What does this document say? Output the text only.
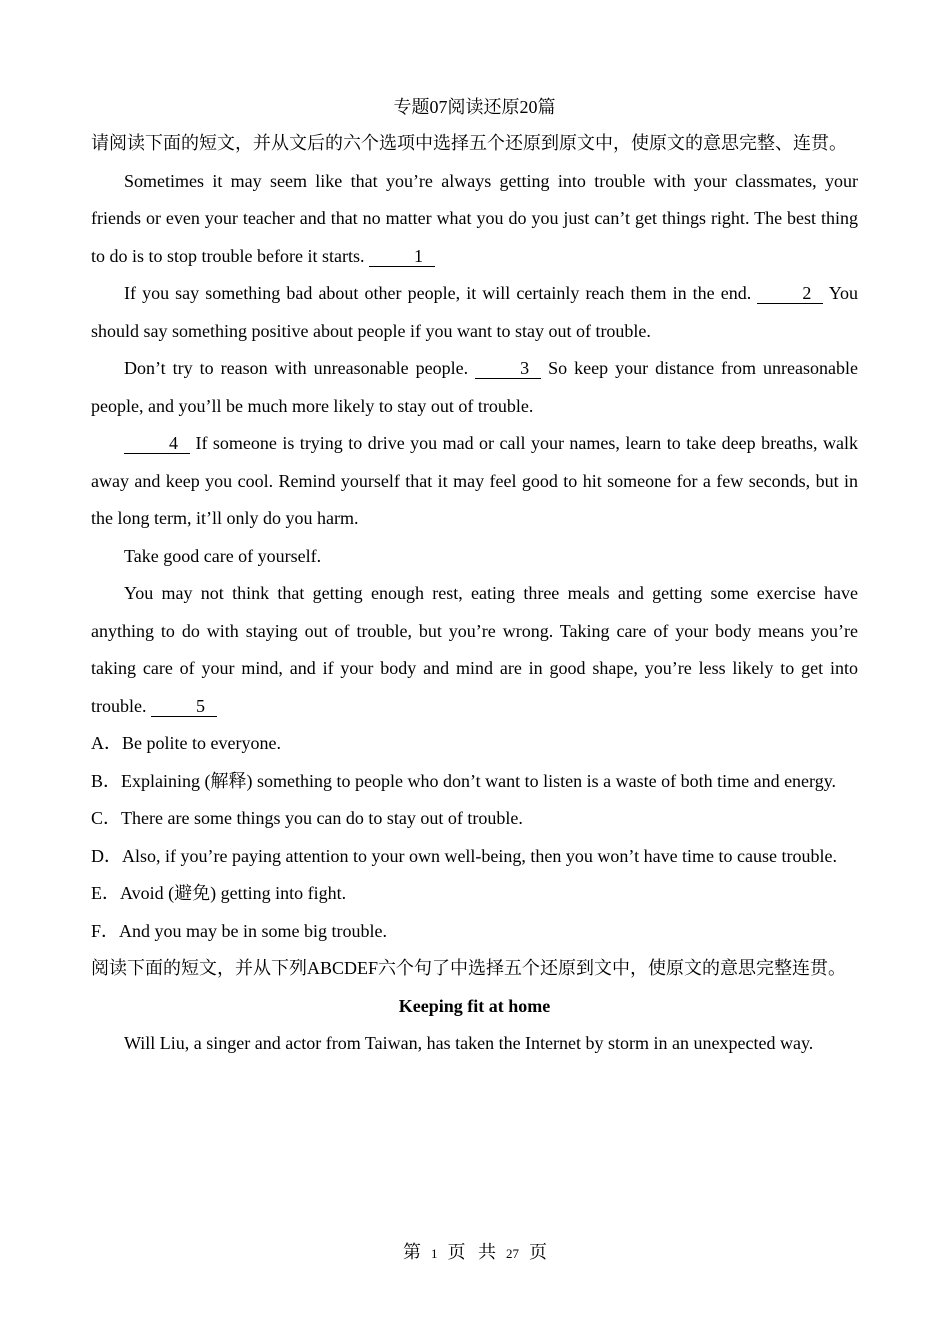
专题07阅读还原20篇

请阅读下面的短文，并从文后的六个选项中选择五个还原到原文中，使原文的意思完整、连贯。

Sometimes it may seem like that you’re always getting into trouble with your classmates, your friends or even your teacher and that no matter what you do you just can’t get things right. The best thing to do is to stop trouble before it starts.	1

If you say something bad about other people, it will certainly reach them in the end.	2 You should say something positive about people if you want to stay out of trouble.

Don’t try to reason with unreasonable people.	3 So keep your distance from unreasonable people, and you’ll be much more likely to stay out of trouble.

4 If someone is trying to drive you mad or call your names, learn to take deep breaths, walk away and keep you cool. Remind yourself that it may feel good to hit someone for a few seconds, but in the long term, it’ll only do you harm.

Take good care of yourself.

You may not think that getting enough rest, eating three meals and getting some exercise have anything to do with staying out of trouble, but you’re wrong. Taking care of your body means you’re taking care of your mind, and if your body and mind are in good shape, you’re less likely to get into trouble.	5

A．Be polite to everyone.

B．Explaining (解释) something to people who don’t want to listen is a waste of both time and energy.

C．There are some things you can do to stay out of trouble.

D．Also, if you’re paying attention to your own well-being, then you won’t have time to cause trouble.

E．Avoid (避免) getting into fight.

F．And you may be in some big trouble.

阅读下面的短文，并从下列ABCDEF六个句了中选择五个还原到文中，使原文的意思完整连贯。

Keeping fit at home

Will Liu, a singer and actor from Taiwan, has taken the Internet by storm in an unexpected way.

第 1 页 共 27 页
